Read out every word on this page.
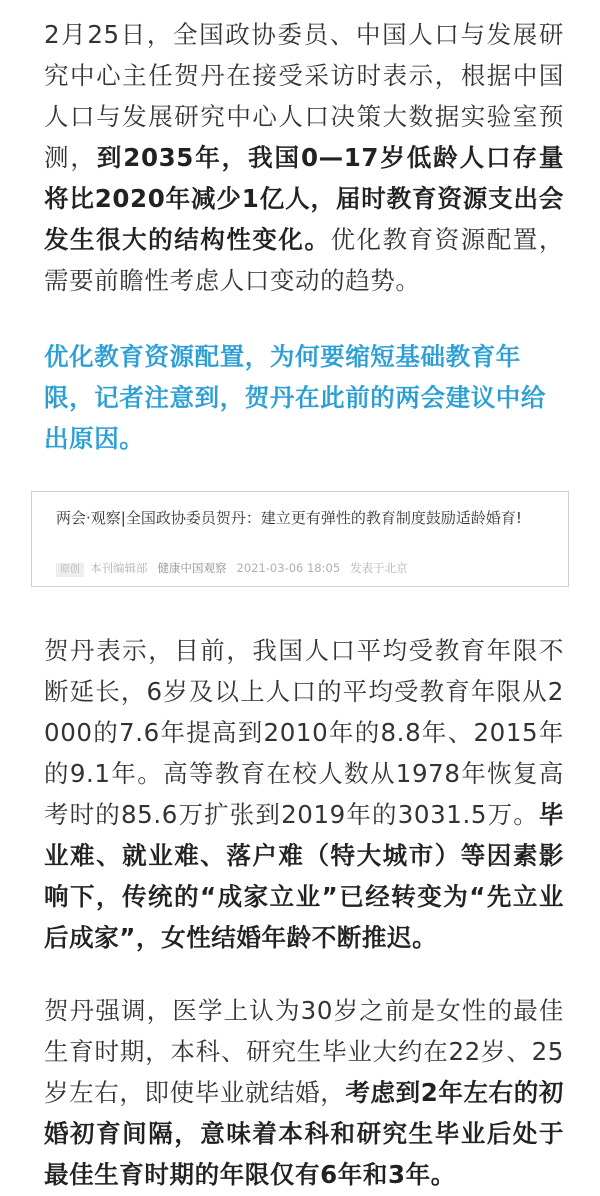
2月25日，全国政协委员、中国人口与发展研究中心主任贺丹在接受采访时表示，根据中国人口与发展研究中心人口决策大数据实验室预测，到2035年，我国0—17岁低龄人口存量将比2020年减少1亿人，届时教育资源支出会发生很大的结构性变化。优化教育资源配置，需要前瞻性考虑人口变动的趋势。

优化教育资源配置，为何要缩短基础教育年限，记者注意到，贺丹在此前的两会建议中给出原因。

两会·观察|全国政协委员贺丹：建立更有弹性的教育制度鼓励适龄婚育!

原创 本刊编辑部 健康中国观察 2021-03-06 18:05 发表于北京

贺丹表示，目前，我国人口平均受教育年限不断延长，6岁及以上人口的平均受教育年限从2000的7.6年提高到2010年的8.8年、2015年的9.1年。高等教育在校人数从1978年恢复高考时的85.6万扩张到2019年的3031.5万。毕业难、就业难、落户难（特大城市）等因素影响下，传统的“成家立业”已经转变为“先立业后成家”，女性结婚年龄不断推迟。

贺丹强调，医学上认为30岁之前是女性的最佳生育时期，本科、研究生毕业大约在22岁、25岁左右，即使毕业就结婚，考虑到2年左右的初婚初育间隔，意味着本科和研究生毕业后处于最佳生育时期的年限仅有6年和3年。
